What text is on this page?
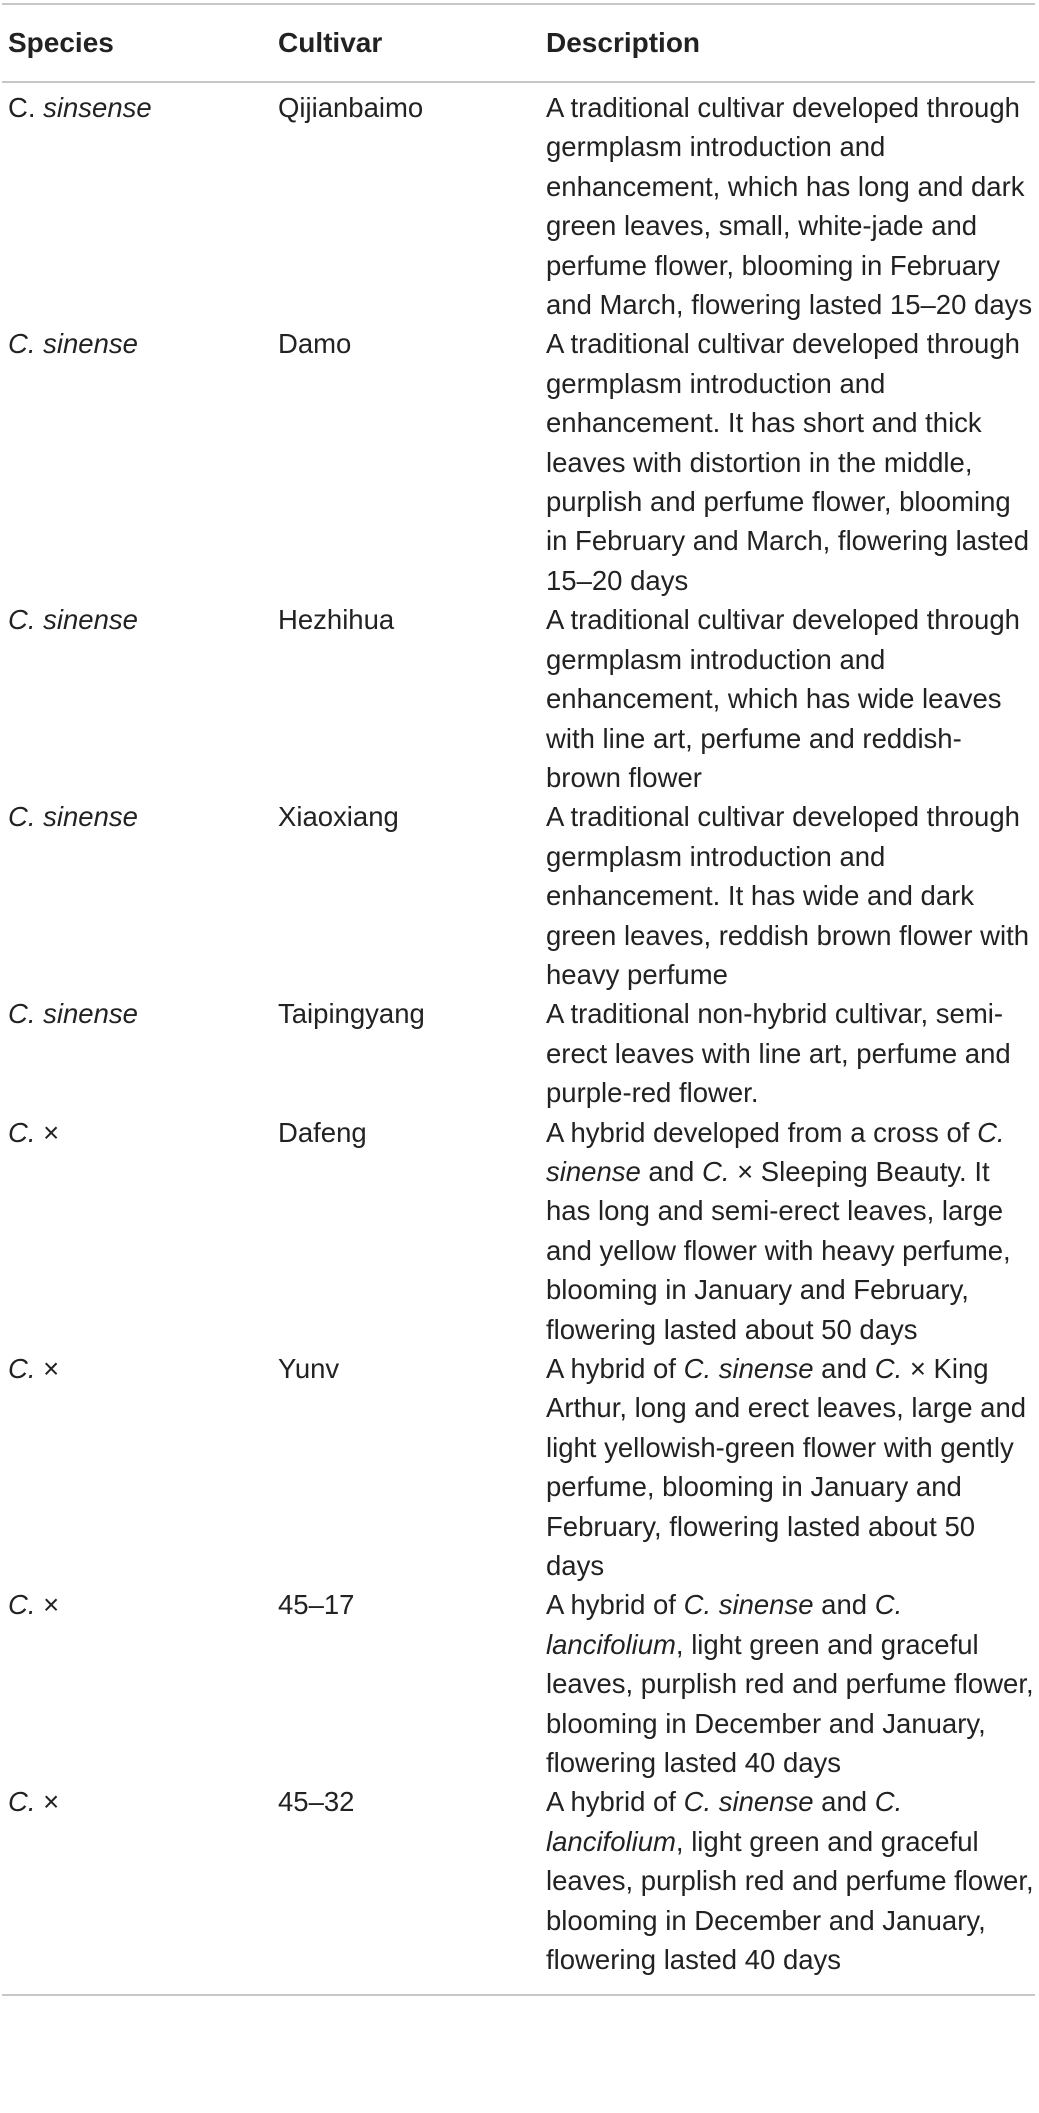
Species	Cultivar	Description
C. sinsense	Qijianbaimo	A traditional cultivar developed through germplasm introduction and enhancement, which has long and dark green leaves, small, white-jade and perfume flower, blooming in February and March, flowering lasted 15–20 days
C. sinense	Damo	A traditional cultivar developed through germplasm introduction and enhancement. It has short and thick leaves with distortion in the middle, purplish and perfume flower, blooming in February and March, flowering lasted 15–20 days
C. sinense	Hezhihua	A traditional cultivar developed through germplasm introduction and enhancement, which has wide leaves with line art, perfume and reddish-brown flower
C. sinense	Xiaoxiang	A traditional cultivar developed through germplasm introduction and enhancement. It has wide and dark green leaves, reddish brown flower with heavy perfume
C. sinense	Taipingyang	A traditional non-hybrid cultivar, semi-erect leaves with line art, perfume and purple-red flower.
C. ×	Dafeng	A hybrid developed from a cross of C. sinense and C. × Sleeping Beauty. It has long and semi-erect leaves, large and yellow flower with heavy perfume, blooming in January and February, flowering lasted about 50 days
C. ×	Yunv	A hybrid of C. sinense and C. × King Arthur, long and erect leaves, large and light yellowish-green flower with gently perfume, blooming in January and February, flowering lasted about 50 days
C. ×	45–17	A hybrid of C. sinense and C. lancifolium, light green and graceful leaves, purplish red and perfume flower, blooming in December and January, flowering lasted 40 days
C. ×	45–32	A hybrid of C. sinense and C. lancifolium, light green and graceful leaves, purplish red and perfume flower, blooming in December and January, flowering lasted 40 days
